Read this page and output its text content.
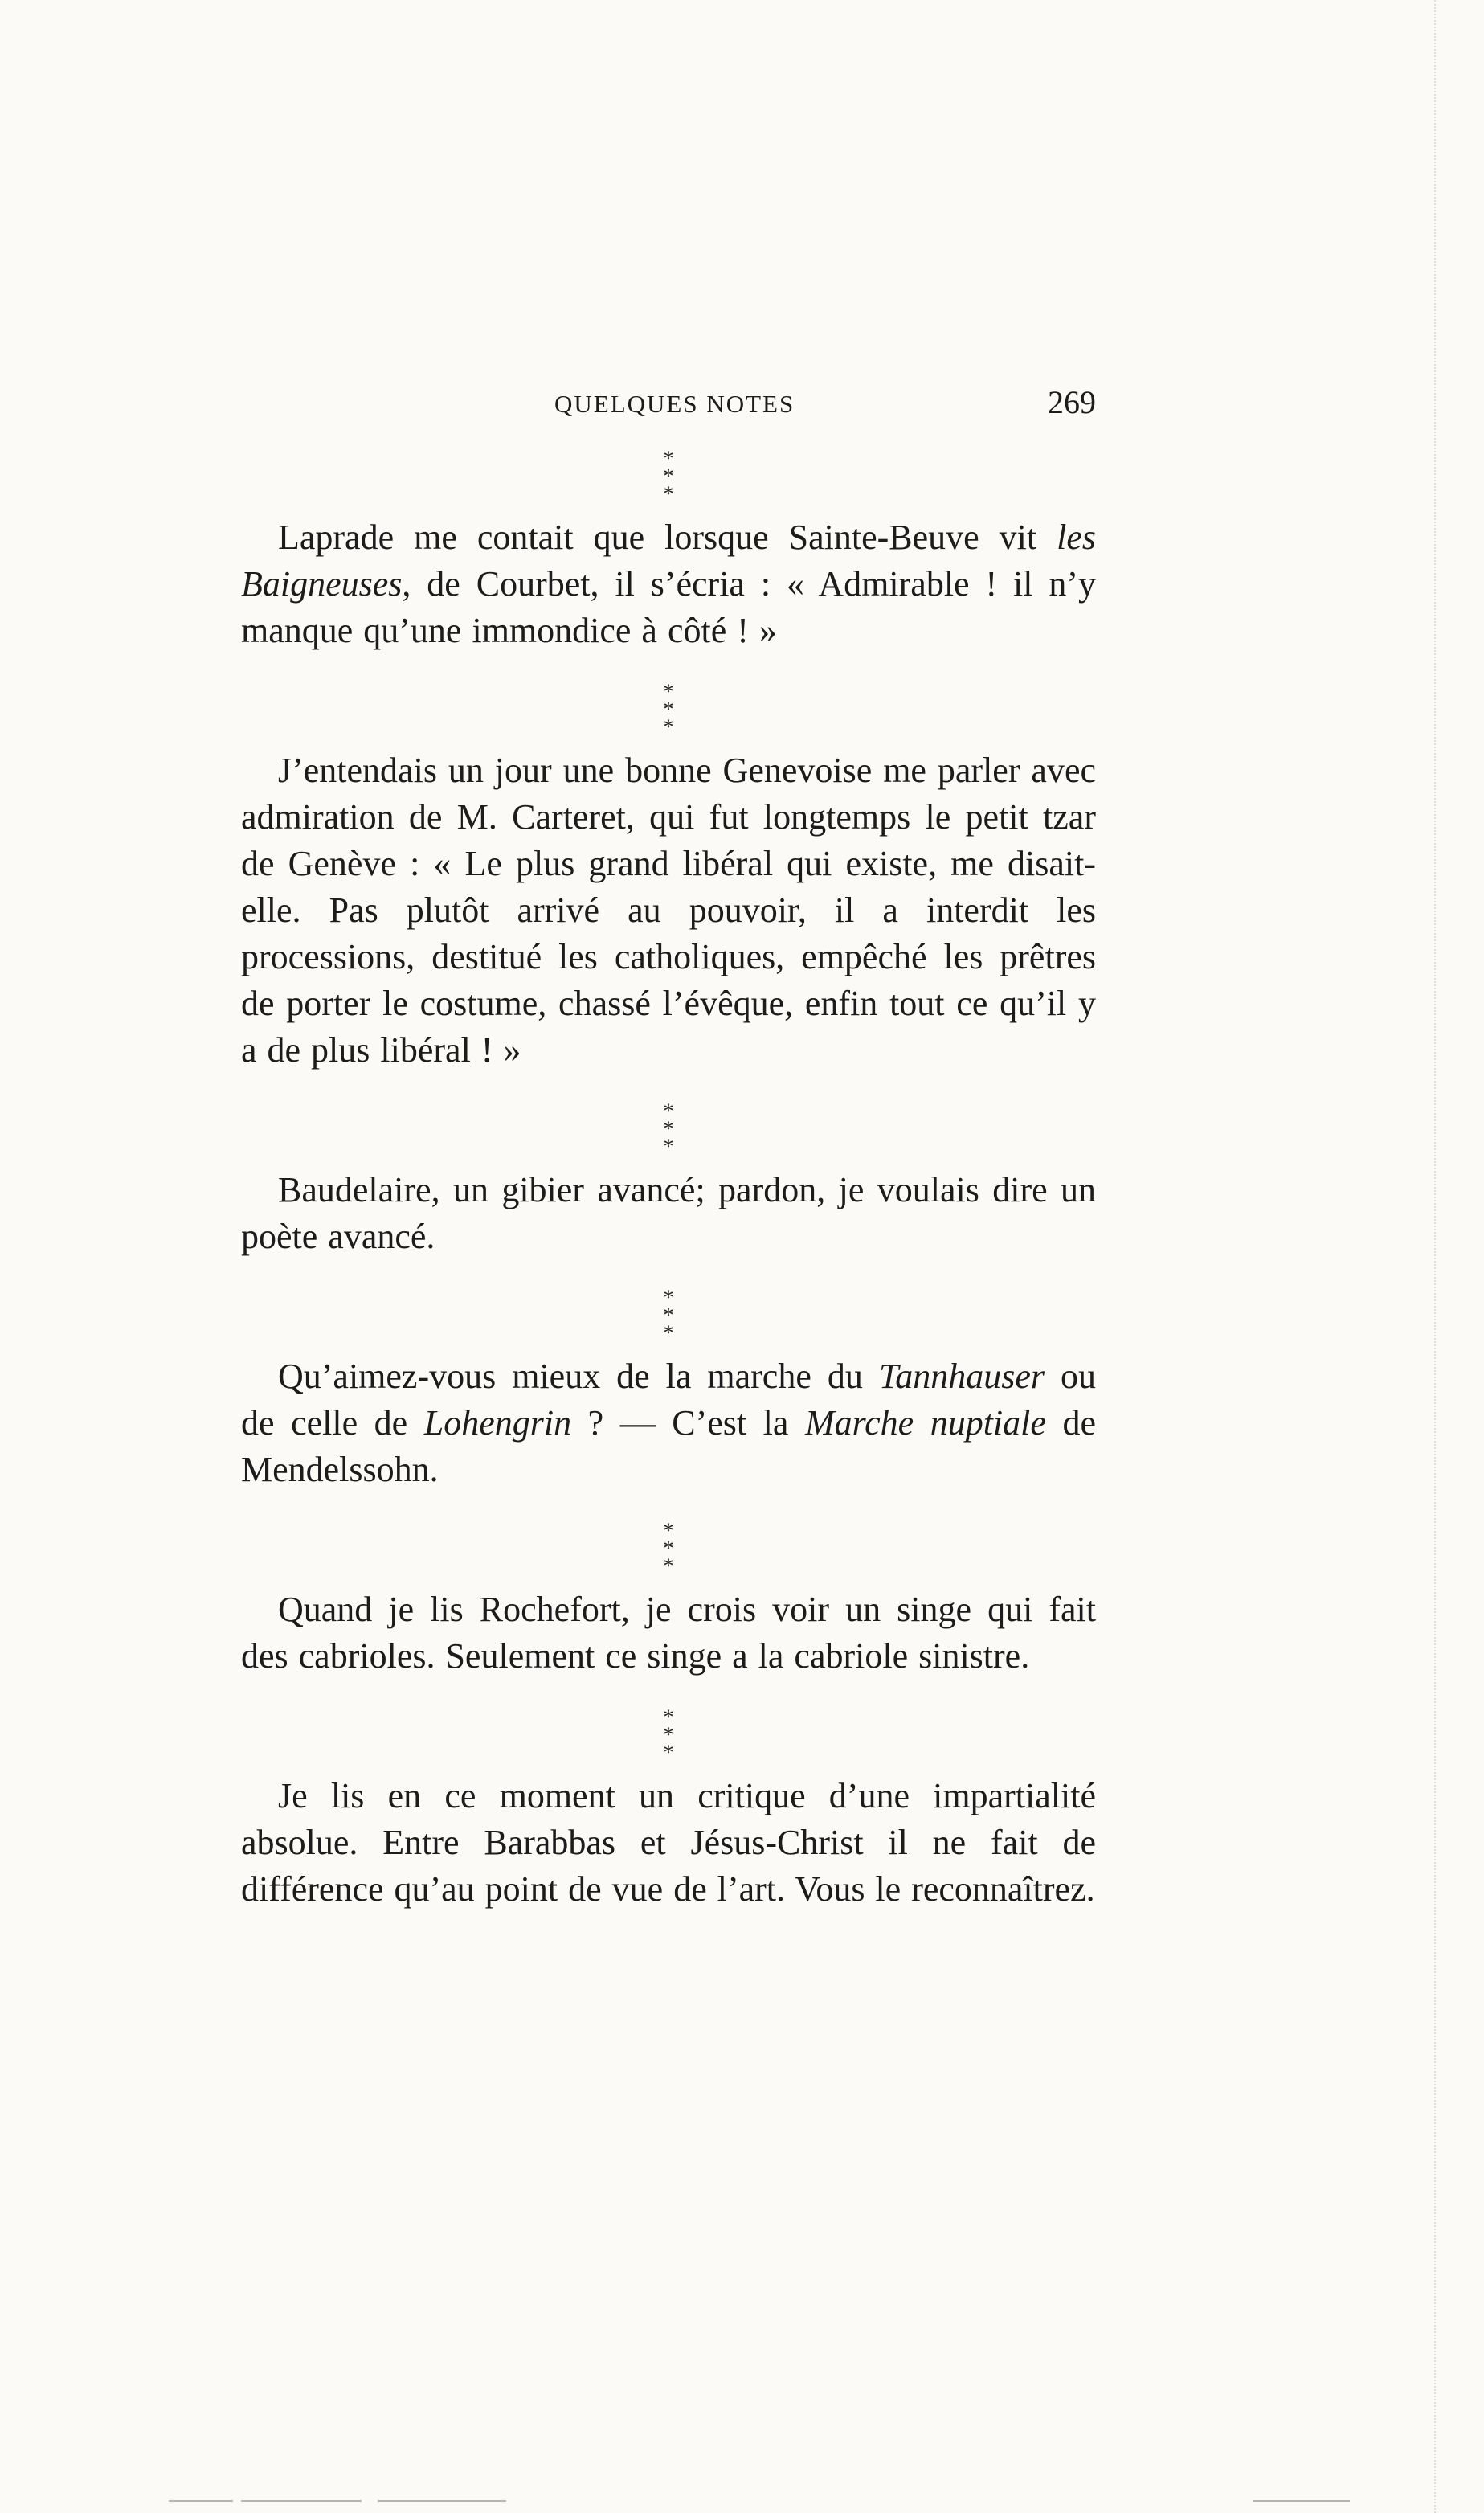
QUELQUES NOTES	269
*
* *

Laprade me contait que lorsque Sainte-Beuve vit les Baigneuses, de Courbet, il s’écria : « Admirable ! il n’y manque qu’une immondice à côté ! »

*
* *

J’entendais un jour une bonne Genevoise me parler avec admiration de M. Carteret, qui fut longtemps le petit tzar de Genève : « Le plus grand libéral qui existe, me disait-elle. Pas plutôt arrivé au pouvoir, il a interdit les processions, destitué les catholiques, empêché les prêtres de porter le costume, chassé l’évêque, enfin tout ce qu’il y a de plus libéral ! »

*
* *

Baudelaire, un gibier avancé; pardon, je voulais dire un poète avancé.

*
* *

Qu’aimez-vous mieux de la marche du Tannhauser ou de celle de Lohengrin ? — C’est la Marche nuptiale de Mendelssohn.

*
* *

Quand je lis Rochefort, je crois voir un singe qui fait des cabrioles. Seulement ce singe a la cabriole sinistre.

*
* *

Je lis en ce moment un critique d’une impartialité absolue. Entre Barabbas et Jésus-Christ il ne fait de différence qu’au point de vue de l’art. Vous le reconnaîtrez.
